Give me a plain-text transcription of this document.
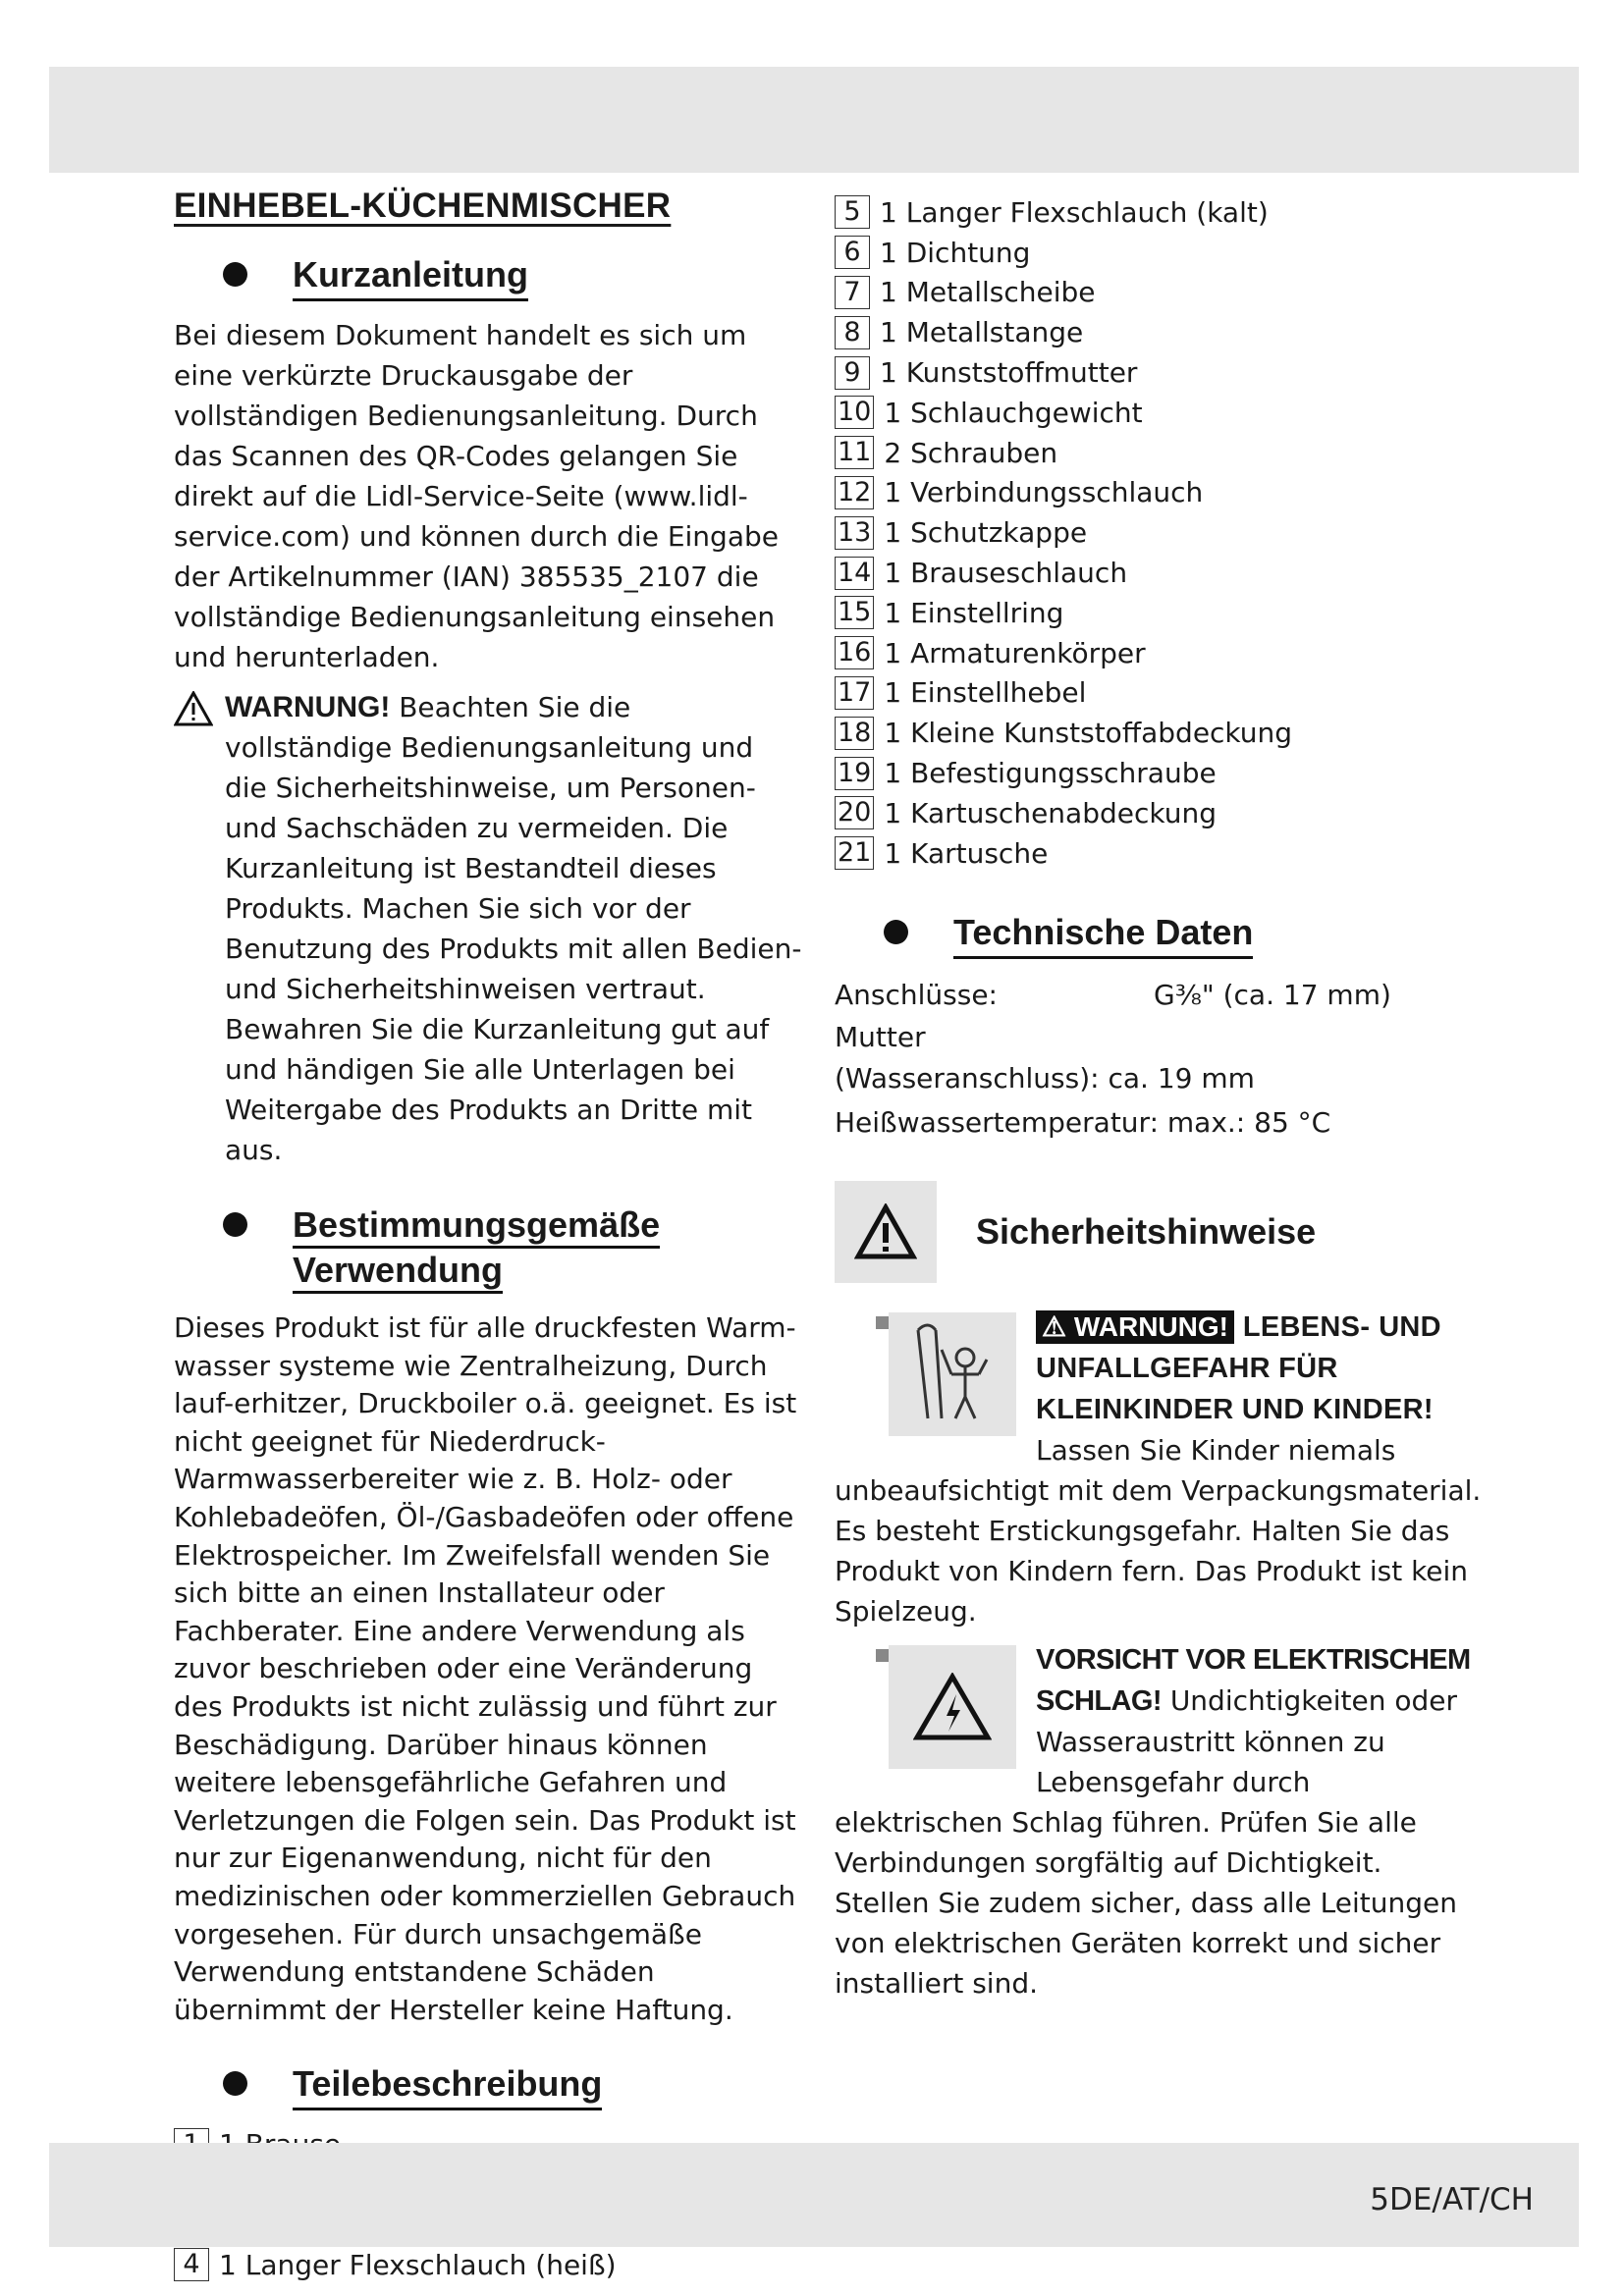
EINHEBEL-KÜCHENMISCHER
Kurzanleitung

Bei diesem Dokument handelt es sich um eine verkürzte Druckausgabe der vollständigen Bedienungsanleitung. Durch das Scannen des QR-Codes gelangen Sie direkt auf die Lidl-Service-Seite (www.lidl-service.com) und können durch die Eingabe der Artikelnummer (IAN) 385535_2107 die vollständige Bedienungsanleitung einsehen und herunterladen.

WARNUNG! Beachten Sie die vollständige Bedienungsanleitung und die Sicherheitshinweise, um Personen- und Sachschäden zu vermeiden. Die Kurzanleitung ist Bestandteil dieses Produkts. Machen Sie sich vor der Benutzung des Produkts mit allen Bedien- und Sicherheitshinweisen vertraut. Bewahren Sie die Kurzanleitung gut auf und händigen Sie alle Unterlagen bei Weitergabe des Produkts an Dritte mit aus.
Bestimmungsgemäße
Verwendung

Dieses Produkt ist für alle druckfesten Warm-wasser systeme wie Zentralheizung, Durch lauf-erhitzer, Druckboiler o.ä. geeignet. Es ist nicht geeignet für Niederdruck-Warmwasserbereiter wie z. B. Holz- oder Kohlebadeöfen, Öl-/Gasbadeöfen oder offene Elektrospeicher. Im Zweifelsfall wenden Sie sich bitte an einen Installateur oder Fachberater. Eine andere Verwendung als zuvor beschrieben oder eine Veränderung des Produkts ist nicht zulässig und führt zur Beschädigung. Darüber hinaus können weitere lebensgefährliche Gefahren und Verletzungen die Folgen sein. Das Produkt ist nur zur Eigenanwendung, nicht für den medizinischen oder kommerziellen Gebrauch vorgesehen. Für durch unsachgemäße Verwendung entstandene Schäden übernimmt der Hersteller keine Haftung.

Teilebeschreibung
4 1 Langer Flexschlauch (heiß)
5 1 Langer Flexschlauch (kalt)
6 1 Dichtung
7 1 Metallscheibe
8 1 Metallstange
9 1 Kunststoffmutter
10 1 Schlauchgewicht
11 2 Schrauben
12 1 Verbindungsschlauch
13 1 Schutzkappe
14 1 Brauseschlauch
15 1 Einstellring
16 1 Armaturenkörper
17 1 Einstellhebel
18 1 Kleine Kunststoffabdeckung
19 1 Befestigungsschraube
20 1 Kartuschenabdeckung
21 1 Kartusche
Technische Daten
Anschlüsse:	G⅜" (ca. 17 mm)
Mutter
(Wasseranschluss): ca. 19 mm
Heißwassertemperatur: max.: 85 °C
Sicherheitshinweise
⚠ WARNUNG! LEBENS- UND UNFALLGEFAHR FÜR KLEINKINDER UND KINDER! Lassen Sie Kinder niemals unbeaufsichtigt mit dem Verpackungsmaterial. Es besteht Erstickungsgefahr. Halten Sie das Produkt von Kindern fern. Das Produkt ist kein Spielzeug.
VORSICHT VOR ELEKTRISCHEM SCHLAG! Undichtigkeiten oder Wasseraustritt können zu Lebensgefahr durch elektrischen Schlag führen. Prüfen Sie alle Verbindungen sorgfältig auf Dichtigkeit. Stellen Sie zudem sicher, dass alle Leitungen von elektrischen Geräten korrekt und sicher installiert sind.
5DE/AT/CH
